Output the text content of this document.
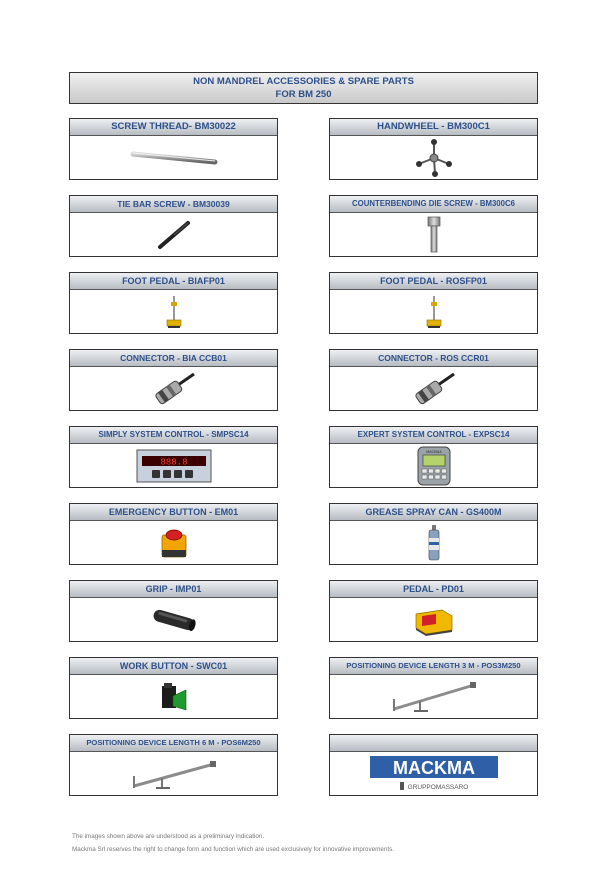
NON MANDREL ACCESSORIES & SPARE PARTS
FOR BM 250
SCREW THREAD- BM30022	HANDWHEEL - BM300C1
TIE BAR SCREW - BM30039	COUNTERBENDING DIE SCREW - BM300C6
FOOT PEDAL - BIAFP01	FOOT PEDAL - ROSFP01
CONNECTOR - BIA CCB01	CONNECTOR - ROS CCR01
SIMPLY SYSTEM CONTROL - SMPSC14
888.8
EXPERT SYSTEM CONTROL - EXPSC14
MACKMA
EMERGENCY BUTTON - EM01	GREASE SPRAY CAN - GS400M
GRIP - IMP01	PEDAL - PD01
WORK BUTTON - SWC01	POSITIONING DEVICE LENGTH 3 M - POS3M250
POSITIONING DEVICE LENGTH 6 M - POS6M250
MACKMA
GRUPPOMASSARO
The images shown above are understood as a preliminary indication.
Mackma Srl reserves the right to change form and function which are used exclusively for innovative improvements.
